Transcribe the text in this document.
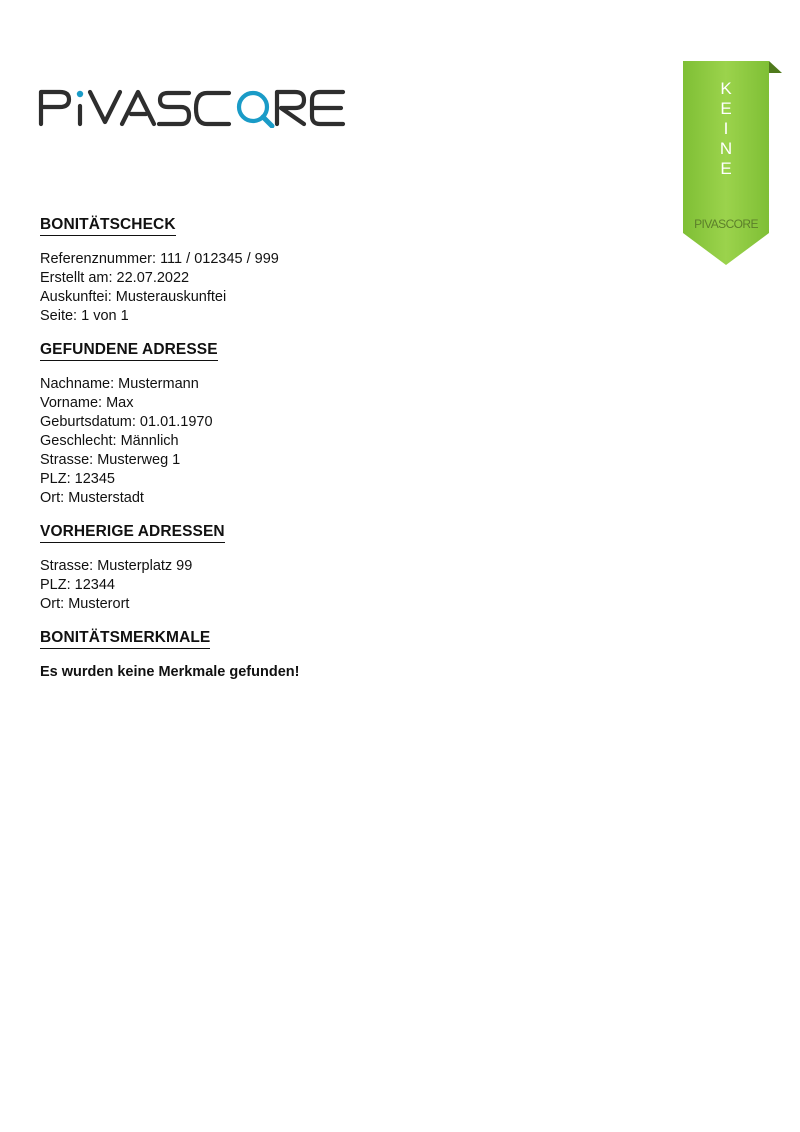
K
E
I
N
E
PIVASCORE
BONITÄTSCHECK

Referenznummer: 111 / 012345 / 999

Erstellt am: 22.07.2022

Auskunftei: Musterauskunftei

Seite: 1 von 1

GEFUNDENE ADRESSE

Nachname: Mustermann

Vorname: Max

Geburtsdatum: 01.01.1970

Geschlecht: Männlich

Strasse: Musterweg 1

PLZ: 12345

Ort: Musterstadt

VORHERIGE ADRESSEN

Strasse: Musterplatz 99

PLZ: 12344

Ort: Musterort

BONITÄTSMERKMALE

Es wurden keine Merkmale gefunden!
